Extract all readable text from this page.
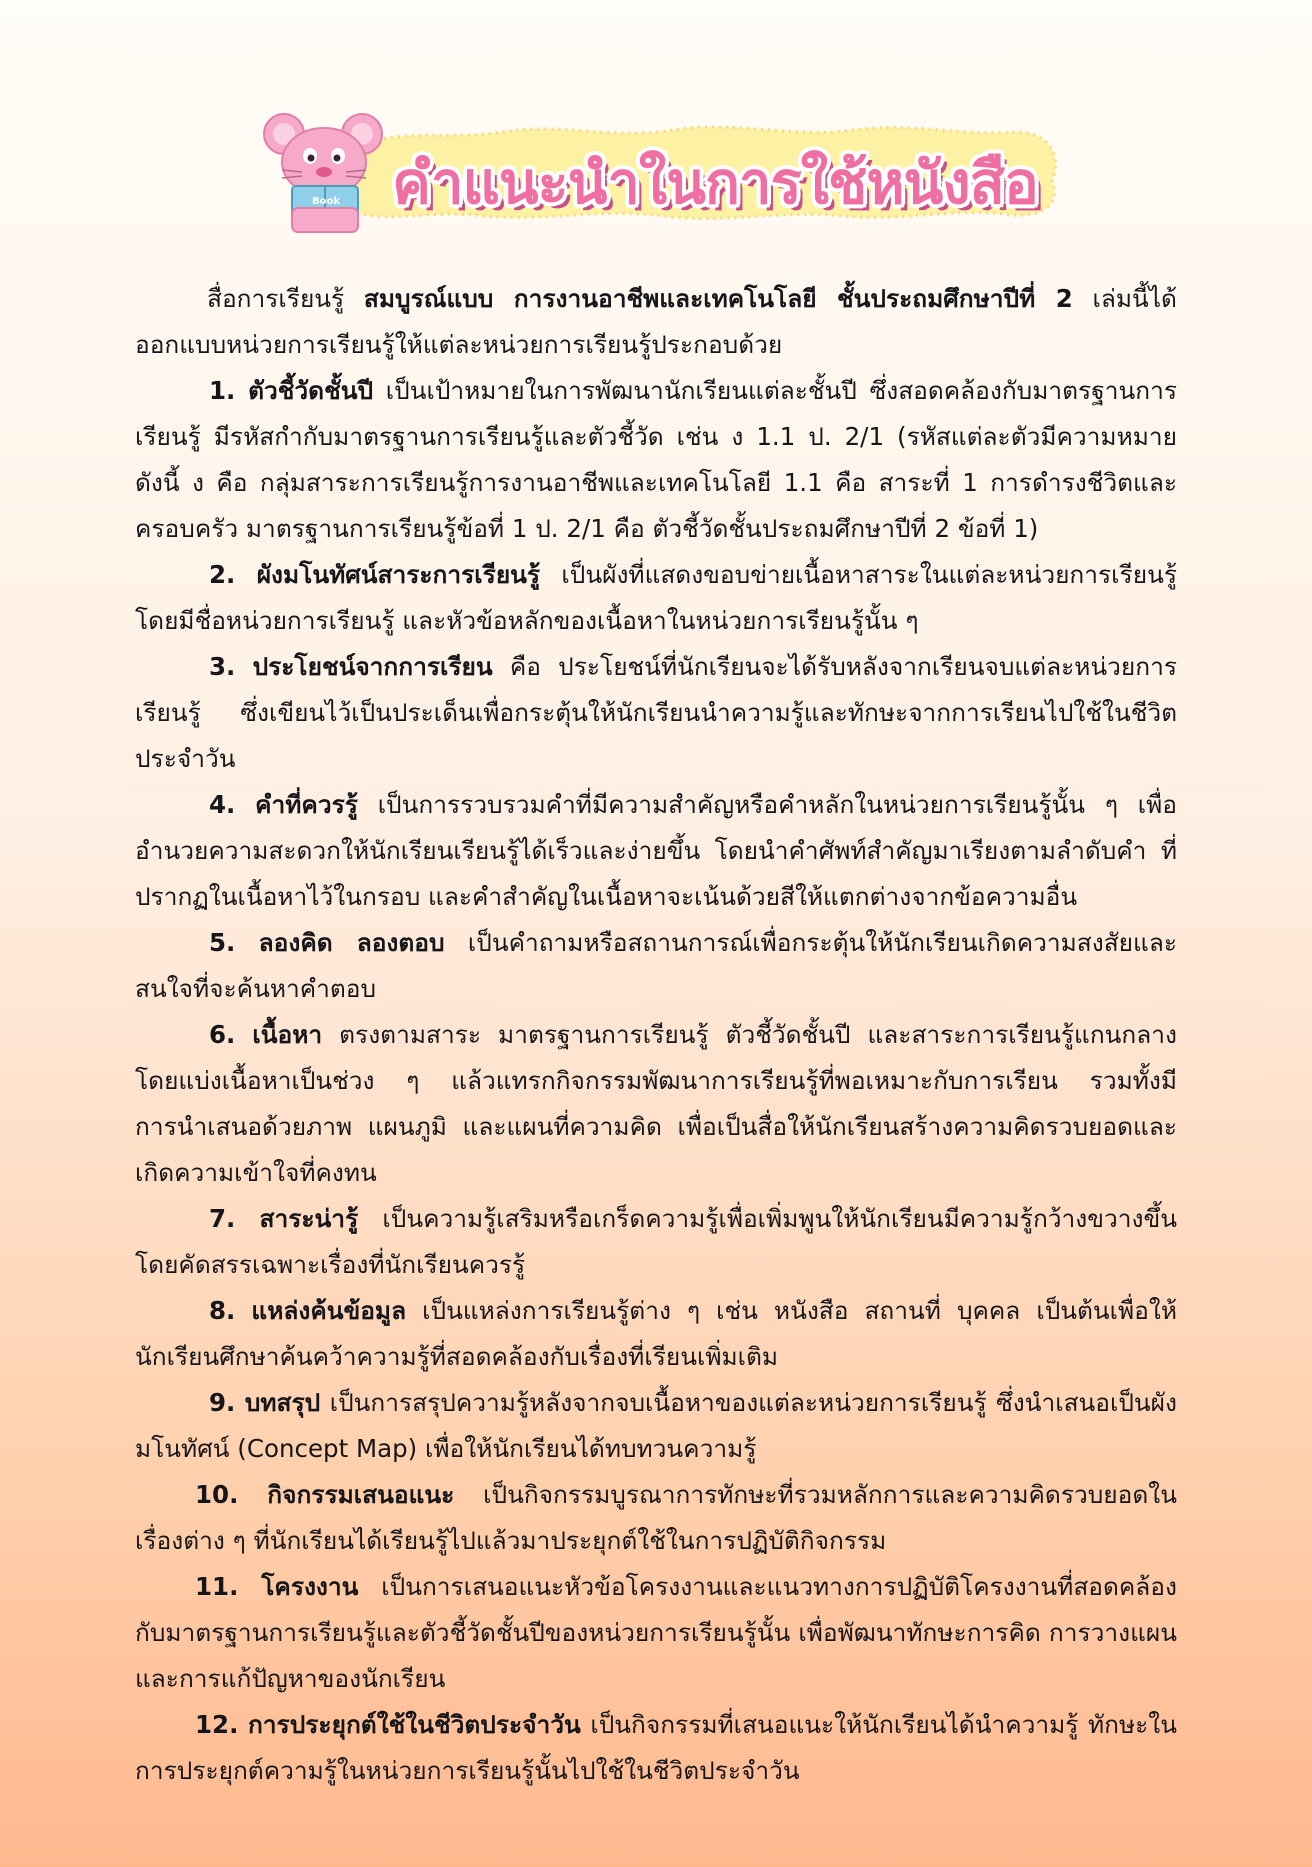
Book คำแนะนำในการใช้หนังสือ

สื่อการเรียนรู้ สมบูรณ์แบบ การงานอาชีพและเทคโนโลยี ชั้นประถมศึกษาปีที่ 2 เล่มนี้ได้ออกแบบหน่วยการเรียนรู้ให้แต่ละหน่วยการเรียนรู้ประกอบด้วย

1. ตัวชี้วัดชั้นปี เป็นเป้าหมายในการพัฒนานักเรียนแต่ละชั้นปี ซึ่งสอดคล้องกับมาตรฐานการเรียนรู้ มีรหัสกำกับมาตรฐานการเรียนรู้และตัวชี้วัด เช่น ง 1.1 ป. 2/1 (รหัสแต่ละตัวมีความหมายดังนี้ ง คือ กลุ่มสาระการเรียนรู้การงานอาชีพและเทคโนโลยี 1.1 คือ สาระที่ 1 การดำรงชีวิตและครอบครัว มาตรฐานการเรียนรู้ข้อที่ 1 ป. 2/1 คือ ตัวชี้วัดชั้นประถมศึกษาปีที่ 2 ข้อที่ 1)

2. ผังมโนทัศน์สาระการเรียนรู้ เป็นผังที่แสดงขอบข่ายเนื้อหาสาระในแต่ละหน่วยการเรียนรู้ โดยมีชื่อหน่วยการเรียนรู้ และหัวข้อหลักของเนื้อหาในหน่วยการเรียนรู้นั้น ๆ

3. ประโยชน์จากการเรียน คือ ประโยชน์ที่นักเรียนจะได้รับหลังจากเรียนจบแต่ละหน่วยการเรียนรู้ ซึ่งเขียนไว้เป็นประเด็นเพื่อกระตุ้นให้นักเรียนนำความรู้และทักษะจากการเรียนไปใช้ในชีวิตประจำวัน

4. คำที่ควรรู้ เป็นการรวบรวมคำที่มีความสำคัญหรือคำหลักในหน่วยการเรียนรู้นั้น ๆ เพื่ออำนวยความสะดวกให้นักเรียนเรียนรู้ได้เร็วและง่ายขึ้น โดยนำคำศัพท์สำคัญมาเรียงตามลำดับคำ ที่ปรากฏในเนื้อหาไว้ในกรอบ และคำสำคัญในเนื้อหาจะเน้นด้วยสีให้แตกต่างจากข้อความอื่น

5. ลองคิด ลองตอบ เป็นคำถามหรือสถานการณ์เพื่อกระตุ้นให้นักเรียนเกิดความสงสัยและสนใจที่จะค้นหาคำตอบ

6. เนื้อหา ตรงตามสาระ มาตรฐานการเรียนรู้ ตัวชี้วัดชั้นปี และสาระการเรียนรู้แกนกลาง โดยแบ่งเนื้อหาเป็นช่วง ๆ แล้วแทรกกิจกรรมพัฒนาการเรียนรู้ที่พอเหมาะกับการเรียน รวมทั้งมีการนำเสนอด้วยภาพ แผนภูมิ และแผนที่ความคิด เพื่อเป็นสื่อให้นักเรียนสร้างความคิดรวบยอดและเกิดความเข้าใจที่คงทน

7. สาระน่ารู้ เป็นความรู้เสริมหรือเกร็ดความรู้เพื่อเพิ่มพูนให้นักเรียนมีความรู้กว้างขวางขึ้น โดยคัดสรรเฉพาะเรื่องที่นักเรียนควรรู้

8. แหล่งค้นข้อมูล เป็นแหล่งการเรียนรู้ต่าง ๆ เช่น หนังสือ สถานที่ บุคคล เป็นต้นเพื่อให้นักเรียนศึกษาค้นคว้าความรู้ที่สอดคล้องกับเรื่องที่เรียนเพิ่มเติม

9. บทสรุป เป็นการสรุปความรู้หลังจากจบเนื้อหาของแต่ละหน่วยการเรียนรู้ ซึ่งนำเสนอเป็นผังมโนทัศน์ (Concept Map) เพื่อให้นักเรียนได้ทบทวนความรู้

10. กิจกรรมเสนอแนะ เป็นกิจกรรมบูรณาการทักษะที่รวมหลักการและความคิดรวบยอดในเรื่องต่าง ๆ ที่นักเรียนได้เรียนรู้ไปแล้วมาประยุกต์ใช้ในการปฏิบัติกิจกรรม

11. โครงงาน เป็นการเสนอแนะหัวข้อโครงงานและแนวทางการปฏิบัติโครงงานที่สอดคล้องกับมาตรฐานการเรียนรู้และตัวชี้วัดชั้นปีของหน่วยการเรียนรู้นั้น เพื่อพัฒนาทักษะการคิด การวางแผน และการแก้ปัญหาของนักเรียน

12. การประยุกต์ใช้ในชีวิตประจำวัน เป็นกิจกรรมที่เสนอแนะให้นักเรียนได้นำความรู้ ทักษะในการประยุกต์ความรู้ในหน่วยการเรียนรู้นั้นไปใช้ในชีวิตประจำวัน
